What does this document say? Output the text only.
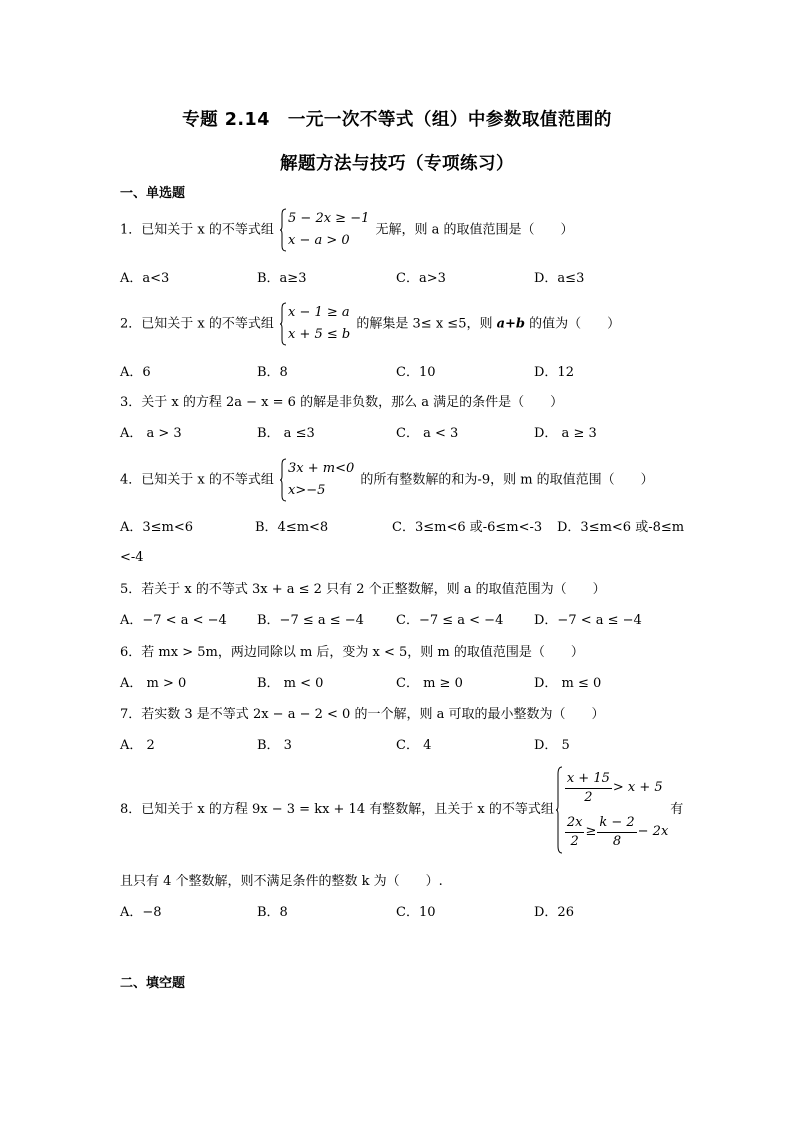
专题 2.14　一元一次不等式（组）中参数取值范围的
解题方法与技巧（专项练习）
一、单选题
1．已知关于 x 的不等式组
5 − 2x ≥ −1
x − a > 0
无解，则 a 的取值范围是（　　）
A．a<3	B．a≥3	C．a>3	D．a≤3
2．已知关于 x 的不等式组
x − 1 ≥ a
x + 5 ≤ b
的解集是 3≤ x ≤5，则 a+b 的值为（　　）
A．6	B．8	C．10	D．12
3．关于 x 的方程 2a − x = 6 的解是非负数，那么 a 满足的条件是（　　）
A． a > 3	B． a ≤3	C． a < 3	D． a ≥ 3
4．已知关于 x 的不等式组
3x + m<0
x>−5
的所有整数解的和为-9，则 m 的取值范围（　　）
A．3≤m<6	B．4≤m<8	C．3≤m<6 或-6≤m<-3 D．3≤m<6 或-8≤m
<-4
5．若关于 x 的不等式 3x + a ≤ 2 只有 2 个正整数解，则 a 的取值范围为（　　）
A．−7 < a < −4 B．−7 ≤ a ≤ −4 C．−7 ≤ a < −4 D．−7 < a ≤ −4
6．若 mx > 5m，两边同除以 m 后，变为 x < 5，则 m 的取值范围是（　　）
A． m > 0	B． m < 0	C． m ≥ 0	D． m ≤ 0
7．若实数 3 是不等式 2x − a − 2 < 0 的一个解，则 a 可取的最小整数为（　　）
A． 2	B． 3	C． 4	D． 5
8．已知关于 x 的方程 9x − 3 = kx + 14 有整数解，且关于 x 的不等式组
$\frac{x + 15}{2} > x + 5$
$\frac{2x}{2} \ge \frac{k - 2}{8} - 2x$
有
且只有 4 个整数解，则不满足条件的整数 k 为（　　）.
A．−8	B．8	C．10	D．26
二、填空题
